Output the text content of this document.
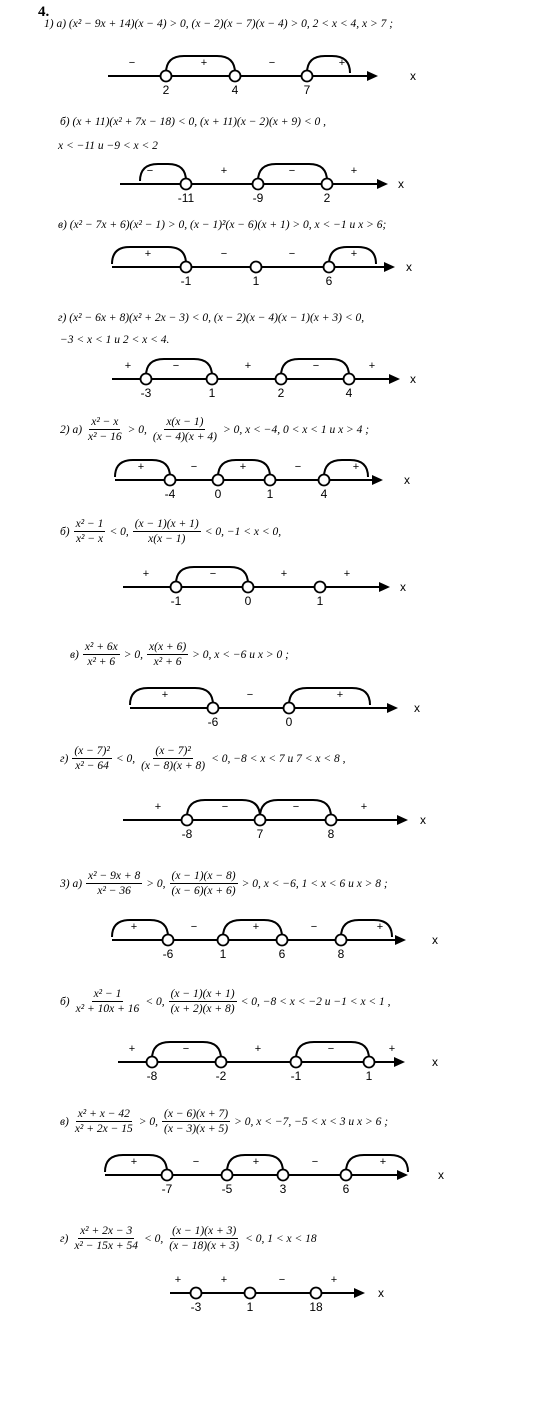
4.
1) а) (x² − 9x + 14)(x − 4) > 0, (x − 2)(x − 7)(x − 4) > 0, 2 < x < 4, x > 7 ;
б) (x + 11)(x² + 7x − 18) < 0, (x + 11)(x − 2)(x + 9) < 0 ,
x < −11 и −9 < x < 2
в) (x² − 7x + 6)(x² − 1) > 0, (x − 1)²(x − 6)(x + 1) > 0, x < −1 и x > 6;
г) (x² − 6x + 8)(x² + 2x − 3) < 0, (x − 2)(x − 4)(x − 1)(x + 3) < 0,
−3 < x < 1 и 2 < x < 4.
2) $а) \frac{\text{x² − x}}{\text{x² − 16}} > 0$, $\frac{x(x - 1)}{(x - 4)(x + 4)} > 0$, x < −4, 0 < x < 1 и x > 4 ;
$б) \frac{\text{x² − 1}}{\text{x² − x}} < 0$, $\frac{(x - 1)(x + 1)}{x(x - 1)} < 0$, −1 < x < 0,
$в) \frac{\text{x² + 6x}}{\text{x² + 6}} > 0$, $\frac{x(x + 6)}{\text{x² + 6}} > 0$, x < −6 и x > 0 ;
$г) \frac{\text{(x − 7)²}}{\text{x² − 64}} < 0$, $\frac{\text{(x − 7)²}}{(x - 8)(x + 8)} < 0$, −8 < x < 7 и 7 < x < 8 ,
3) $а) \frac{\text{x² − 9x + 8}}{\text{x² − 36}} > 0$, $\frac{(x - 1)(x - 8)}{(x - 6)(x + 6)} > 0$, x < −6, 1 < x < 6 и x > 8 ;
$б) \frac{\text{x² − 1}}{\text{x² + 10x + 16}} < 0$, $\frac{(x - 1)(x + 1)}{(x + 2)(x + 8)} < 0$, −8 < x < −2 и −1 < x < 1 ,
$в) \frac{\text{x² + x − 42}}{\text{x² + 2x − 15}} > 0$, $\frac{(x - 6)(x + 7)}{(x - 3)(x + 5)} > 0$, x < −7, −5 < x < 3 и x > 6 ;
$г) \frac{\text{x² + 2x − 3}}{\text{x² − 15x + 54}} < 0$, $\frac{(x - 1)(x + 3)}{(x - 18)(x + 3)} < 0$, 1 < x < 18
x
−	+	−	+
2	4	7
x
−	+	−	+
-11	-9	2
x
+	−	−	+
-1	1	6
x
+	−	+	−	+
-3	1	2	4
x
+	−	+	−	+
-4	0	1	4
x
+	−	+	+
-1	0	1
x
+	−	+
-6	0
x
+	−	−	+
-8	7	8
x
+	−	+	−	+
-6	1	6	8
x
+	−	+	−	+
-8	-2	-1	1
x
+	−	+	−	+
-7	-5	3	6
x
+	+	−	+
-3	1	18
